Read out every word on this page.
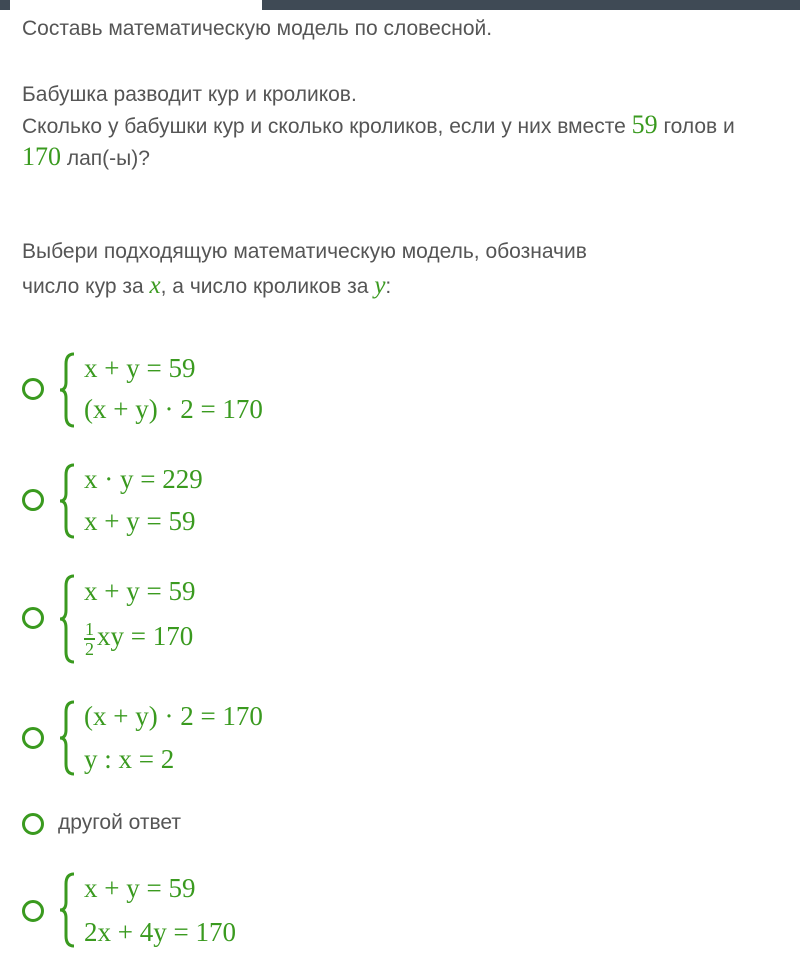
Составь математическую модель по словесной.
Бабушка разводит кур и кроликов.
Сколько у бабушки кур и сколько кроликов, если у них вместе 59 голов и
170 лап(-ы)?
Выбери подходящую математическую модель, обозначив
число кур за x, а число кроликов за y:
x + y = 59
(x + y) · 2 = 170
x · y = 229
x + y = 59
x + y = 59
$\frac{1}{2}$ xy = 170
(x + y) · 2 = 170
y : x = 2
другой ответ
x + y = 59
2x + 4y = 170
